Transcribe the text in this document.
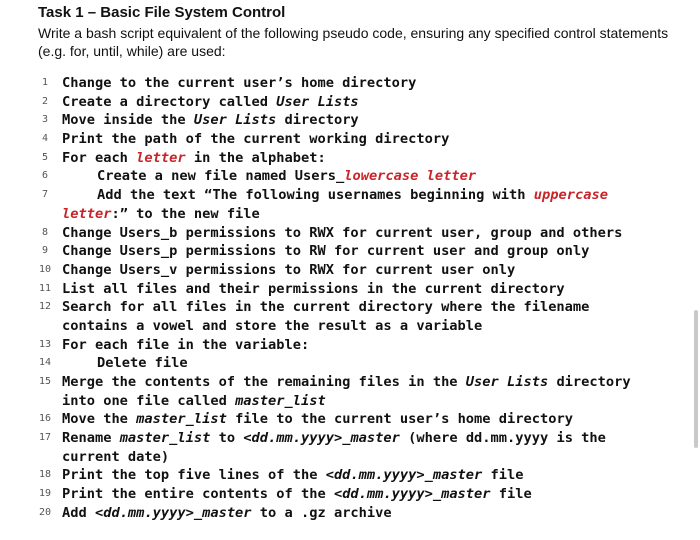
Task 1 – Basic File System Control
Write a bash script equivalent of the following pseudo code, ensuring any specified control statements (e.g. for, until, while) are used:
1 Change to the current user’s home directory
2 Create a directory called User Lists
3 Move inside the User Lists directory
4 Print the path of the current working directory
5 For each letter in the alphabet:
6	Create a new file named Users_lowercase letter
7	Add the text “The following usernames beginning with uppercase
letter:” to the new file
8 Change Users_b permissions to RWX for current user, group and others
9 Change Users_p permissions to RW for current user and group only
10 Change Users_v permissions to RWX for current user only
11 List all files and their permissions in the current directory
12 Search for all files in the current directory where the filename
contains a vowel and store the result as a variable
13 For each file in the variable:
14	Delete file
15 Merge the contents of the remaining files in the User Lists directory
into one file called master_list
16 Move the master_list file to the current user’s home directory
17 Rename master_list to <dd.mm.yyyy>_master (where dd.mm.yyyy is the
current date)
18 Print the top five lines of the <dd.mm.yyyy>_master file
19 Print the entire contents of the <dd.mm.yyyy>_master file
20 Add <dd.mm.yyyy>_master to a .gz archive
